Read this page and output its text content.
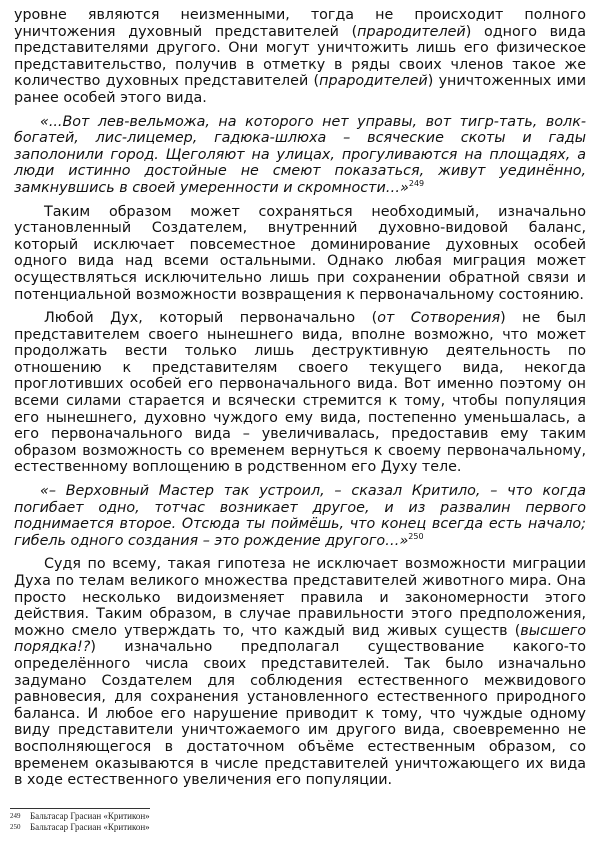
уровне являются неизменными, тогда не происходит полного уничтожения духовный представителей (прародителей) одного вида представителями другого. Они могут уничтожить лишь его физическое представительство, получив в отметку в ряды своих членов такое же количество духовных представителей (прародителей) уничтоженных ими ранее особей этого вида.

«...Вот лев-вельможа, на которого нет управы, вот тигр-тать, волк-богатей, лис-лицемер, гадюка-шлюха – всяческие скоты и гады заполонили город. Щеголяют на улицах, прогуливаются на площадях, а люди истинно достойные не смеют показаться, живут уединённо, замкнувшись в своей умеренности и скромности…»$^{249}$

Таким образом может сохраняться необходимый, изначально установленный Создателем, внутренний духовно-видовой баланс, который исключает повсеместное доминирование духовных особей одного вида над всеми остальными. Однако любая миграция может осуществляться исключительно лишь при сохранении обратной связи и потенциальной возможности возвращения к первоначальному состоянию.

Любой Дух, который первоначально (от Сотворения) не был представителем своего нынешнего вида, вполне возможно, что может продолжать вести только лишь деструктивную деятельность по отношению к представителям своего текущего вида, некогда проглотивших особей его первоначального вида. Вот именно поэтому он всеми силами старается и всячески стремится к тому, чтобы популяция его нынешнего, духовно чуждого ему вида, постепенно уменьшалась, а его первоначального вида – увеличивалась, предоставив ему таким образом возможность со временем вернуться к своему первоначальному, естественному воплощению в родственном его Духу теле.

«– Верховный Мастер так устроил, – сказал Критило, – что когда погибает одно, тотчас возникает другое, и из развалин первого поднимается второе. Отсюда ты поймёшь, что конец всегда есть начало; гибель одного создания – это рождение другого…»$^{250}$

Судя по всему, такая гипотеза не исключает возможности миграции Духа по телам великого множества представителей животного мира. Она просто несколько видоизменяет правила и закономерности этого действия. Таким образом, в случае правильности этого предположения, можно смело утверждать то, что каждый вид живых существ (высшего порядка!?) изначально предполагал существование какого-то определённого числа своих представителей. Так было изначально задумано Создателем для соблюдения естественного межвидового равновесия, для сохранения установленного естественного природного баланса. И любое его нарушение приводит к тому, что чуждые одному виду представители уничтожаемого им другого вида, своевременно не восполняющегося в достаточном объёме естественным образом, со временем оказываются в числе представителей уничтожающего их вида в ходе естественного увеличения его популяции.

249	Бальтасар Грасиан «Критикон»
250	Бальтасар Грасиан «Критикон»
